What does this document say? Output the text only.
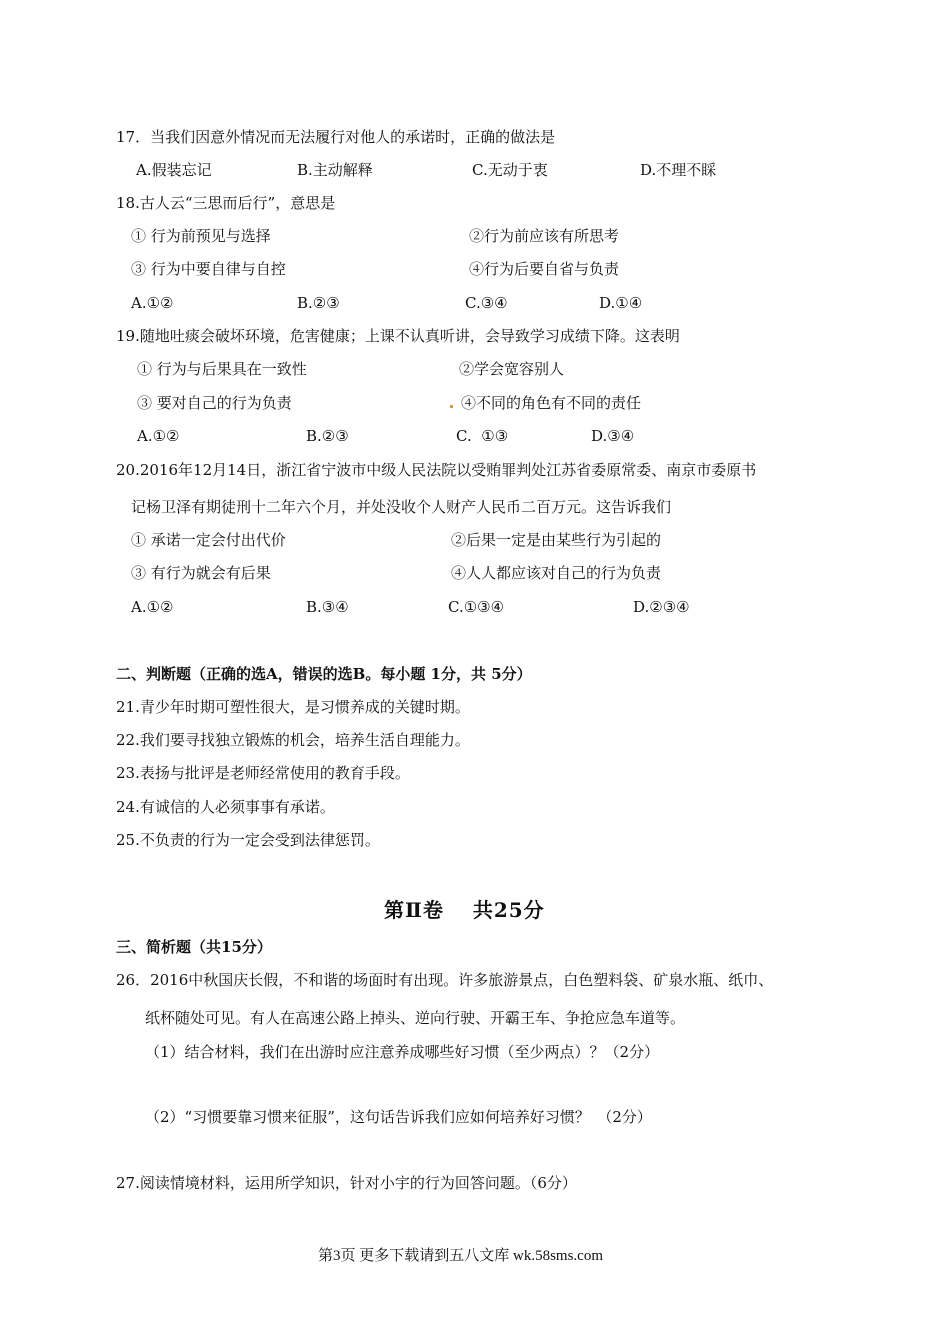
17．当我们因意外情况而无法履行对他人的承诺时，正确的做法是
A.假装忘记	B.主动解释	C.无动于衷	D.不理不睬
18.古人云“三思而后行”，意思是
① 行为前预见与选择	②行为前应该有所思考
③ 行为中要自律与自控	④行为后要自省与负责
A.①②	B.②③	C.③④	D.①④
19.随地吐痰会破坏环境，危害健康；上课不认真听讲，会导致学习成绩下降。这表明
① 行为与后果具在一致性	②学会宽容别人
③ 要对自己的行为负责	④不同的角色有不同的责任
A.①②	B.②③	C.  ①③	D.③④
20.2016年12月14日，浙江省宁波市中级人民法院以受贿罪判处江苏省委原常委、南京市委原书
记杨卫泽有期徒刑十二年六个月，并处没收个人财产人民币二百万元。这告诉我们
① 承诺一定会付出代价	②后果一定是由某些行为引起的
③ 有行为就会有后果	④人人都应该对自己的行为负责
A.①②	B.③④	C.①③④	D.②③④
二、判断题（正确的选A，错误的选B。每小题 1分，共 5分）
21.青少年时期可塑性很大，是习惯养成的关键时期。
22.我们要寻找独立锻炼的机会，培养生活自理能力。
23.表扬与批评是老师经常使用的教育手段。
24.有诚信的人必须事事有承诺。
25.不负责的行为一定会受到法律惩罚。
第Ⅱ卷　 共25分
三、简析题（共15分）
26．2016中秋国庆长假，不和谐的场面时有出现。许多旅游景点，白色塑料袋、矿泉水瓶、纸巾、
纸杯随处可见。有人在高速公路上掉头、逆向行驶、开霸王车、争抢应急车道等。
（1）结合材料，我们在出游时应注意养成哪些好习惯（至少两点）？（2分）
（2）“习惯要靠习惯来征服”，这句话告诉我们应如何培养好习惯？　（2分）
27.阅读情境材料，运用所学知识，针对小宇的行为回答问题。（6分）
第3页 更多下载请到五八文库 wk.58sms.com
